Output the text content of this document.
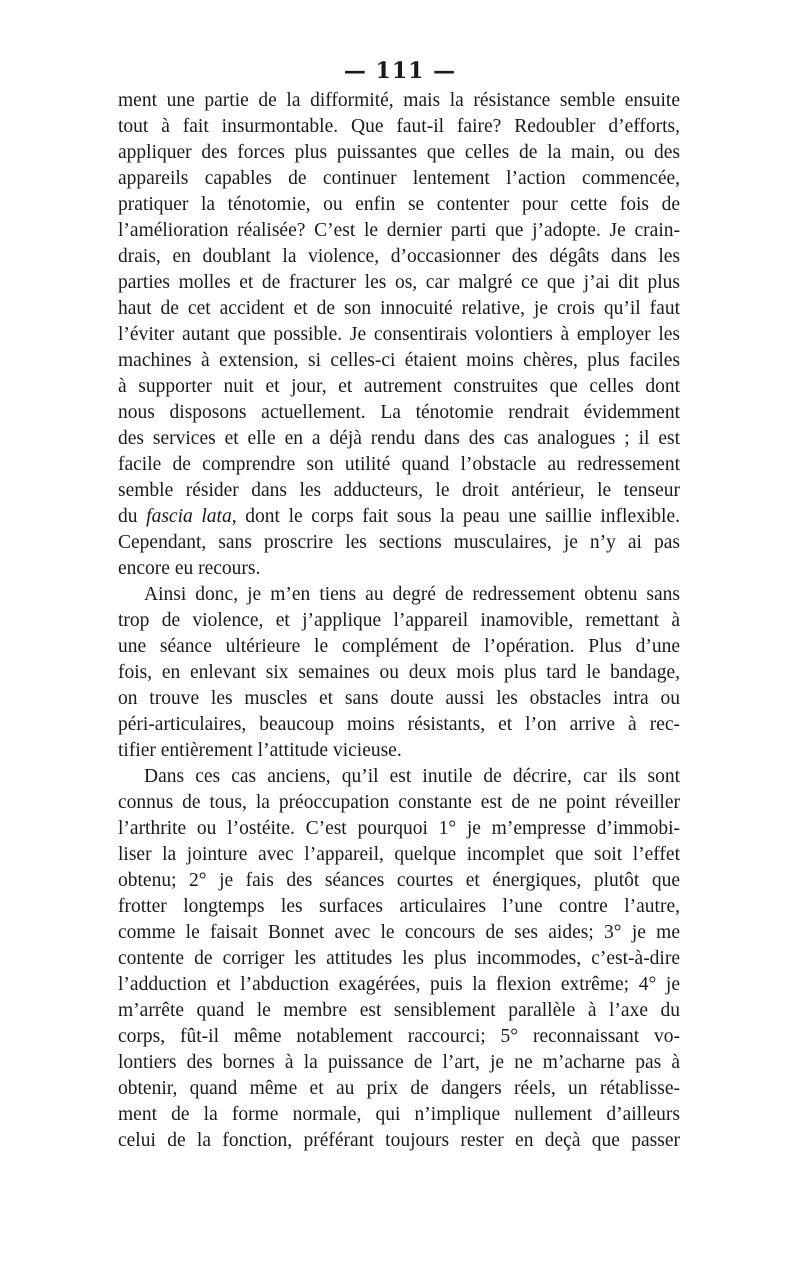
— 111 —
ment une partie de la difformité, mais la résistance semble ensuite
tout à fait insurmontable. Que faut-il faire? Redoubler d’efforts,
appliquer des forces plus puissantes que celles de la main, ou des
appareils capables de continuer lentement l’action commencée,
pratiquer la ténotomie, ou enfin se contenter pour cette fois de
l’amélioration réalisée? C’est le dernier parti que j’adopte. Je crain-
drais, en doublant la violence, d’occasionner des dégâts dans les
parties molles et de fracturer les os, car malgré ce que j’ai dit plus
haut de cet accident et de son innocuité relative, je crois qu’il faut
l’éviter autant que possible. Je consentirais volontiers à employer les
machines à extension, si celles-ci étaient moins chères, plus faciles
à supporter nuit et jour, et autrement construites que celles dont
nous disposons actuellement. La ténotomie rendrait évidemment
des services et elle en a déjà rendu dans des cas analogues ; il est
facile de comprendre son utilité quand l’obstacle au redressement
semble résider dans les adducteurs, le droit antérieur, le tenseur
du fascia lata, dont le corps fait sous la peau une saillie inflexible.
Cependant, sans proscrire les sections musculaires, je n’y ai pas
encore eu recours.
Ainsi donc, je m’en tiens au degré de redressement obtenu sans
trop de violence, et j’applique l’appareil inamovible, remettant à
une séance ultérieure le complément de l’opération. Plus d’une
fois, en enlevant six semaines ou deux mois plus tard le bandage,
on trouve les muscles et sans doute aussi les obstacles intra ou
péri-articulaires, beaucoup moins résistants, et l’on arrive à rec-
tifier entièrement l’attitude vicieuse.
Dans ces cas anciens, qu’il est inutile de décrire, car ils sont
connus de tous, la préoccupation constante est de ne point réveiller
l’arthrite ou l’ostéite. C’est pourquoi 1° je m’empresse d’immobi-
liser la jointure avec l’appareil, quelque incomplet que soit l’effet
obtenu; 2° je fais des séances courtes et énergiques, plutôt que
frotter longtemps les surfaces articulaires l’une contre l’autre,
comme le faisait Bonnet avec le concours de ses aides; 3° je me
contente de corriger les attitudes les plus incommodes, c’est-à-dire
l’adduction et l’abduction exagérées, puis la flexion extrême; 4° je
m’arrête quand le membre est sensiblement parallèle à l’axe du
corps, fût-il même notablement raccourci; 5° reconnaissant vo-
lontiers des bornes à la puissance de l’art, je ne m’acharne pas à
obtenir, quand même et au prix de dangers réels, un rétablisse-
ment de la forme normale, qui n’implique nullement d’ailleurs
celui de la fonction, préférant toujours rester en deçà que passer
